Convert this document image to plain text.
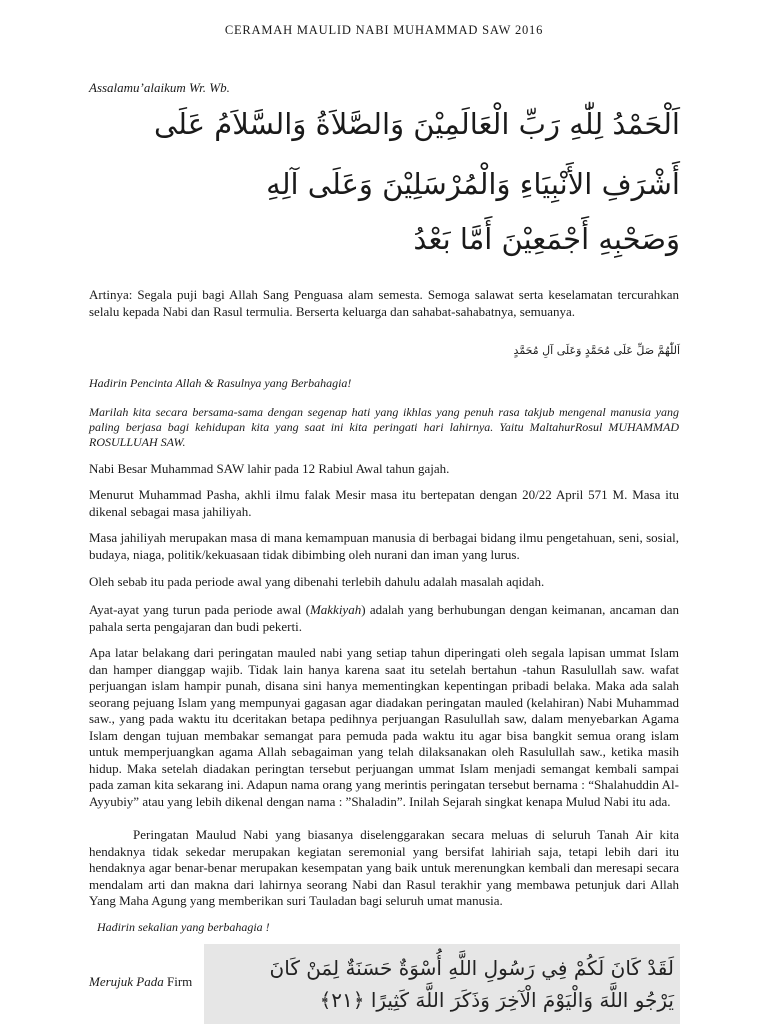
CERAMAH MAULID NABI MUHAMMAD SAW 2016
Assalamu’alaikum Wr. Wb.
اَلْحَمْدُ لِلّٰهِ رَبِّ الْعَالَمِيْنَ وَالصَّلاَةُ وَالسَّلاَمُ عَلَى
أَشْرَفِ الأَنْبِيَاءِ وَالْمُرْسَلِيْنَ وَعَلَى آلِهِ
وَصَحْبِهِ أَجْمَعِيْنَ أَمَّا بَعْدُ

Artinya: Segala puji bagi Allah Sang Penguasa alam semesta. Semoga salawat serta keselamatan tercurahkan selalu kepada Nabi dan Rasul termulia. Berserta keluarga dan sahabat-sahabatnya, semuanya.

اَللّٰهُمَّ صَلِّ عَلَى مُحَمَّدٍ وَعَلَى آلِ مُحَمَّدٍ

Hadirin Pencinta Allah & Rasulnya yang Berbahagia!

Marilah kita secara bersama-sama dengan segenap hati yang ikhlas yang penuh rasa takjub mengenal manusia yang paling berjasa bagi kehidupan kita yang saat ini kita peringati hari lahirnya. Yaitu MaltahurRosul MUHAMMAD ROSULLUAH SAW.

Nabi Besar Muhammad SAW lahir pada 12 Rabiul Awal tahun gajah.

Menurut Muhammad Pasha, akhli ilmu falak Mesir masa itu bertepatan dengan 20/22 April 571 M. Masa itu dikenal sebagai masa jahiliyah.

Masa jahiliyah merupakan masa di mana kemampuan manusia di berbagai bidang ilmu pengetahuan, seni, sosial, budaya, niaga, politik/kekuasaan tidak dibimbing oleh nurani dan iman yang lurus.

Oleh sebab itu pada periode awal yang dibenahi terlebih dahulu adalah masalah aqidah.

Ayat-ayat yang turun pada periode awal (Makkiyah) adalah yang berhubungan dengan keimanan, ancaman dan pahala serta pengajaran dan budi pekerti.

Apa latar belakang dari peringatan mauled nabi yang setiap tahun diperingati oleh segala lapisan ummat Islam dan hamper dianggap wajib. Tidak lain hanya karena saat itu setelah bertahun -tahun Rasulullah saw. wafat perjuangan islam hampir punah, disana sini hanya mementingkan kepentingan pribadi belaka. Maka ada salah seorang pejuang Islam yang mempunyai gagasan agar diadakan peringatan mauled (kelahiran) Nabi Muhammad saw., yang pada waktu itu dceritakan betapa pedihnya perjuangan Rasulullah saw, dalam menyebarkan Agama Islam dengan tujuan membakar semangat para pemuda pada waktu itu agar bisa bangkit semua orang islam untuk memperjuangkan agama Allah sebagaiman yang telah dilaksanakan oleh Rasulullah saw., ketika masih hidup. Maka setelah diadakan peringtan tersebut perjuangan ummat Islam menjadi semangat kembali sampai pada zaman kita sekarang ini. Adapun nama orang yang merintis peringatan tersebut bernama : “Shalahuddin Al-Ayyubiy” atau yang lebih dikenal dengan nama : ”Shaladin”. Inilah Sejarah singkat kenapa Mulud Nabi itu ada.

Peringatan Maulud Nabi yang biasanya diselenggarakan secara meluas di seluruh Tanah Air kita hendaknya tidak sekedar merupakan kegiatan seremonial yang bersifat lahiriah saja, tetapi lebih dari itu hendaknya agar benar-benar merupakan kesempatan yang baik untuk merenungkan kembali dan meresapi secara mendalam arti dan makna dari lahirnya seorang Nabi dan Rasul terakhir yang membawa petunjuk dari Allah Yang Maha Agung yang memberikan suri Tauladan bagi seluruh umat manusia.

Hadirin sekalian yang berbahagia !

لَقَدْ كَانَ لَكُمْ فِي رَسُولِ اللَّهِ أُسْوَةٌ حَسَنَةٌ لِمَنْ كَانَ
يَرْجُو اللَّهَ وَالْيَوْمَ الْآخِرَ وَذَكَرَ اللَّهَ كَثِيرًا ﴿٢١﴾
Merujuk Pada Firm
